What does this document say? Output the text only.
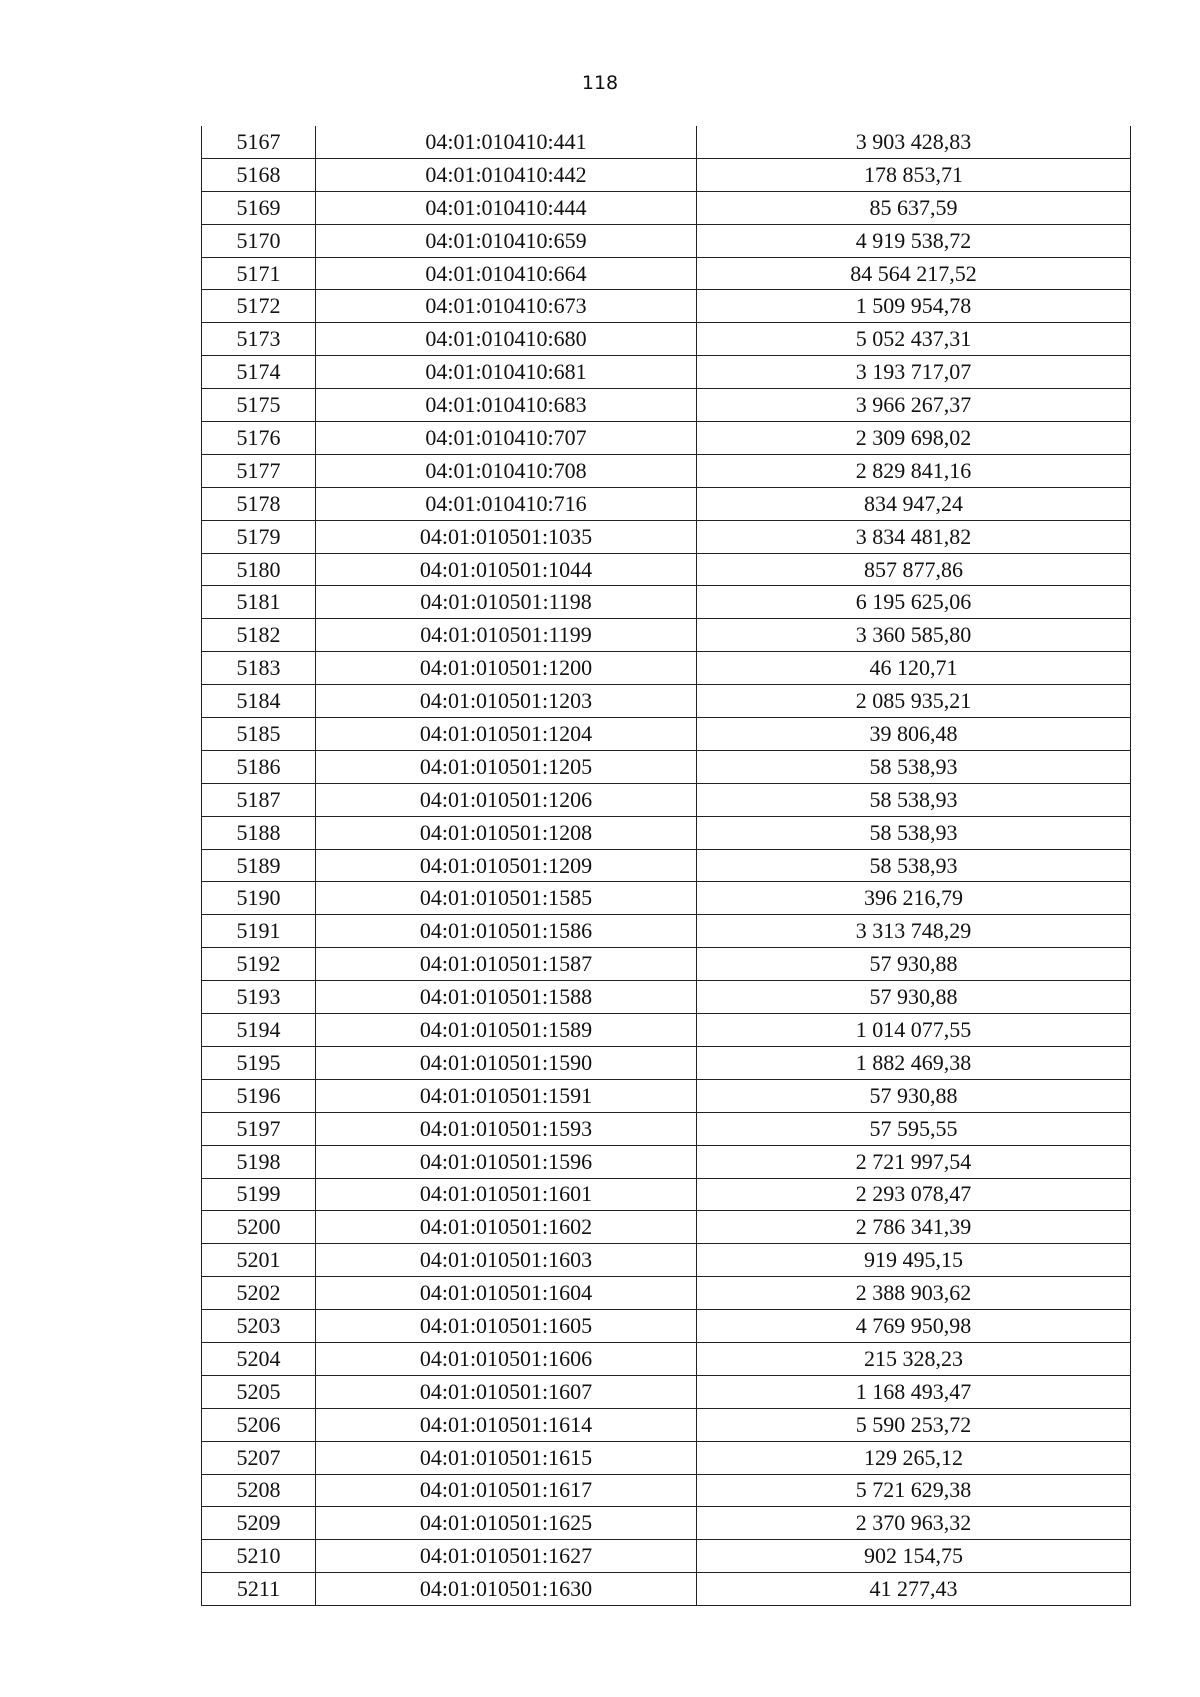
118
5167	04:01:010410:441	3 903 428,83
5168	04:01:010410:442	178 853,71
5169	04:01:010410:444	85 637,59
5170	04:01:010410:659	4 919 538,72
5171	04:01:010410:664	84 564 217,52
5172	04:01:010410:673	1 509 954,78
5173	04:01:010410:680	5 052 437,31
5174	04:01:010410:681	3 193 717,07
5175	04:01:010410:683	3 966 267,37
5176	04:01:010410:707	2 309 698,02
5177	04:01:010410:708	2 829 841,16
5178	04:01:010410:716	834 947,24
5179	04:01:010501:1035	3 834 481,82
5180	04:01:010501:1044	857 877,86
5181	04:01:010501:1198	6 195 625,06
5182	04:01:010501:1199	3 360 585,80
5183	04:01:010501:1200	46 120,71
5184	04:01:010501:1203	2 085 935,21
5185	04:01:010501:1204	39 806,48
5186	04:01:010501:1205	58 538,93
5187	04:01:010501:1206	58 538,93
5188	04:01:010501:1208	58 538,93
5189	04:01:010501:1209	58 538,93
5190	04:01:010501:1585	396 216,79
5191	04:01:010501:1586	3 313 748,29
5192	04:01:010501:1587	57 930,88
5193	04:01:010501:1588	57 930,88
5194	04:01:010501:1589	1 014 077,55
5195	04:01:010501:1590	1 882 469,38
5196	04:01:010501:1591	57 930,88
5197	04:01:010501:1593	57 595,55
5198	04:01:010501:1596	2 721 997,54
5199	04:01:010501:1601	2 293 078,47
5200	04:01:010501:1602	2 786 341,39
5201	04:01:010501:1603	919 495,15
5202	04:01:010501:1604	2 388 903,62
5203	04:01:010501:1605	4 769 950,98
5204	04:01:010501:1606	215 328,23
5205	04:01:010501:1607	1 168 493,47
5206	04:01:010501:1614	5 590 253,72
5207	04:01:010501:1615	129 265,12
5208	04:01:010501:1617	5 721 629,38
5209	04:01:010501:1625	2 370 963,32
5210	04:01:010501:1627	902 154,75
5211	04:01:010501:1630	41 277,43
